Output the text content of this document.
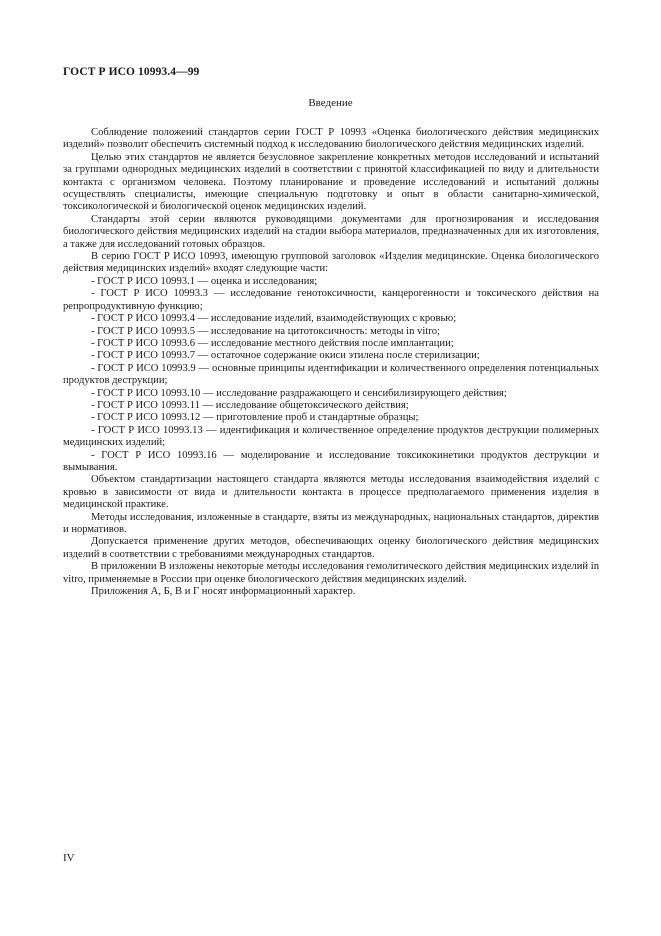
ГОСТ Р ИСО 10993.4—99
Введение

Соблюдение положений стандартов серии ГОСТ Р 10993 «Оценка биологического действия медицинских изделий» позволит обеспечить системный подход к исследованию биологического действия медицинских изделий.

Целью этих стандартов не является безусловное закрепление конкретных методов исследований и испытаний за группами однородных медицинских изделий в соответствии с принятой классификацией по виду и длительности контакта с организмом человека. Поэтому планирование и проведение исследований и испытаний должны осуществлять специалисты, имеющие специальную подготовку и опыт в области санитарно-химической, токсикологической и биологической оценок медицинских изделий.

Стандарты этой серии являются руководящими документами для прогнозирования и исследования биологического действия медицинских изделий на стадии выбора материалов, предназначенных для их изготовления, а также для исследований готовых образцов.

В серию ГОСТ Р ИСО 10993, имеющую групповой заголовок «Изделия медицинские. Оценка биологического действия медицинских изделий» входят следующие части:

- ГОСТ Р ИСО 10993.1 — оценка и исследования;

- ГОСТ Р ИСО 10993.3 — исследование генотоксичности, канцерогенности и токсического действия на репропродуктивную функцию;

- ГОСТ Р ИСО 10993.4 — исследование изделий, взаимодействующих с кровью;

- ГОСТ Р ИСО 10993.5 — исследование на цитотоксичность: методы in vitro;

- ГОСТ Р ИСО 10993.6 — исследование местного действия после имплантации;

- ГОСТ Р ИСО 10993.7 — остаточное содержание окиси этилена после стерилизации;

- ГОСТ Р ИСО 10993.9 — основные принципы идентификации и количественного определения потенциальных продуктов деструкции;

- ГОСТ Р ИСО 10993.10 — исследование раздражающего и сенсибилизирующего действия;

- ГОСТ Р ИСО 10993.11 — исследование общетоксического действия;

- ГОСТ Р ИСО 10993.12 — приготовление проб и стандартные образцы;

- ГОСТ Р ИСО 10993.13 — идентификация и количественное определение продуктов деструкции полимерных медицинских изделий;

- ГОСТ Р ИСО 10993.16 — моделирование и исследование токсикокинетики продуктов деструкции и вымывания.

Объектом стандартизации настоящего стандарта являются методы исследования взаимодействия изделий с кровью в зависимости от вида и длительности контакта в процессе предполагаемого применения изделия в медицинской практике.

Методы исследования, изложенные в стандарте, взяты из международных, национальных стандартов, директив и нормативов.

Допускается применение других методов, обеспечивающих оценку биологического действия медицинских изделий в соответствии с требованиями международных стандартов.

В приложении В изложены некоторые методы исследования гемолитического действия медицинских изделий in vitro, применяемые в России при оценке биологического действия медицинских изделий.

Приложения А, Б, В и Г носят информационный характер.

IV
